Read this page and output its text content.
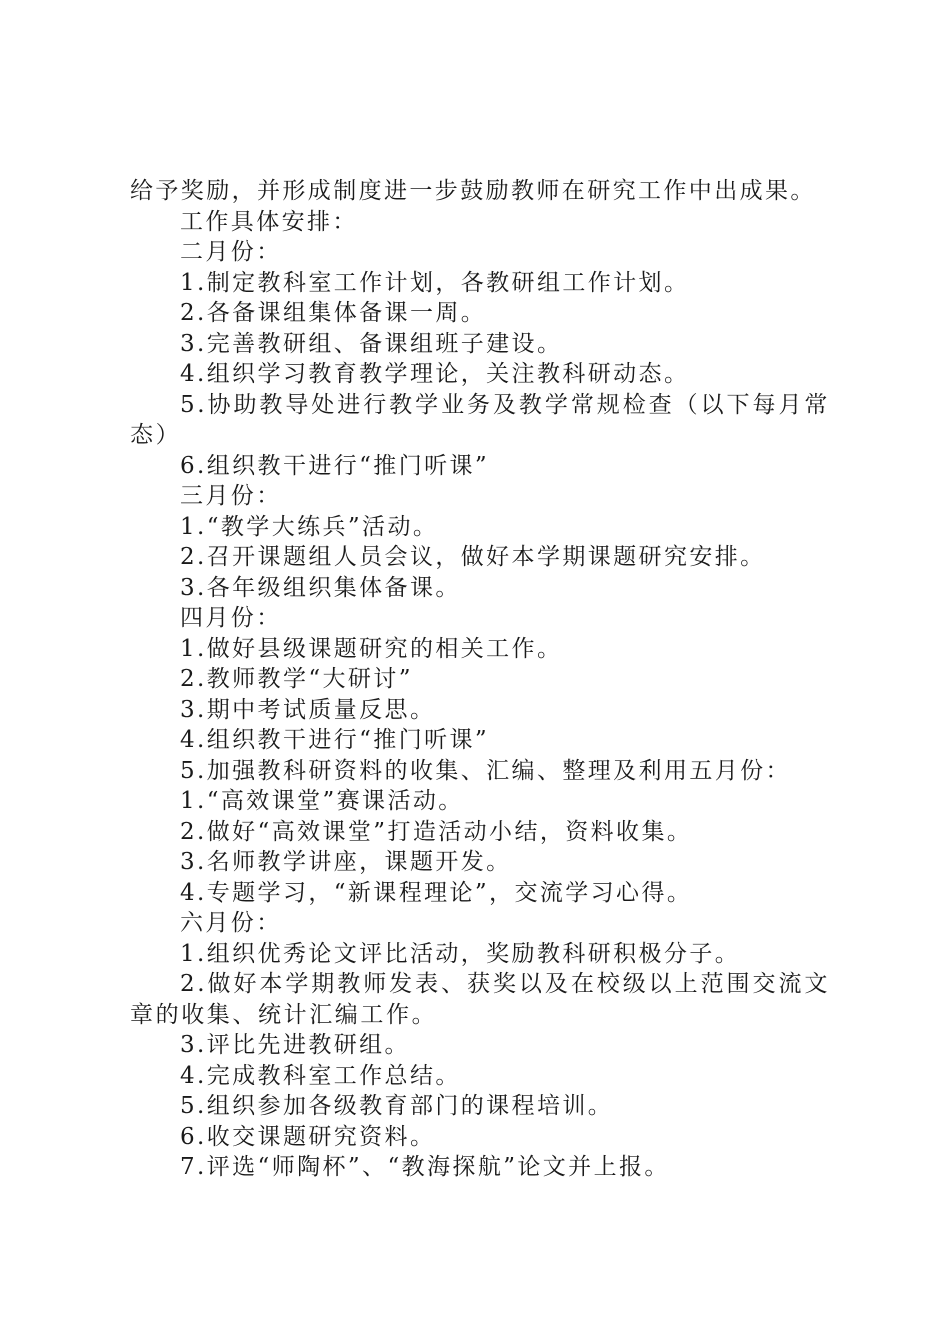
给予奖励，并形成制度进一步鼓励教师在研究工作中出成果。

工作具体安排：

二月份：

1.制定教科室工作计划，各教研组工作计划。

2.各备课组集体备课一周。

3.完善教研组、备课组班子建设。

4.组织学习教育教学理论，关注教科研动态。

5.协助教导处进行教学业务及教学常规检查（以下每月常态）

6.组织教干进行“推门听课”

三月份：

1.“教学大练兵”活动。

2.召开课题组人员会议，做好本学期课题研究安排。

3.各年级组织集体备课。

四月份：

1.做好县级课题研究的相关工作。

2.教师教学“大研讨”

3.期中考试质量反思。

4.组织教干进行“推门听课”

5.加强教科研资料的收集、汇编、整理及利用五月份：

1.“高效课堂”赛课活动。

2.做好“高效课堂”打造活动小结，资料收集。

3.名师教学讲座，课题开发。

4.专题学习，“新课程理论”，交流学习心得。

六月份：

1.组织优秀论文评比活动，奖励教科研积极分子。

2.做好本学期教师发表、获奖以及在校级以上范围交流文章的收集、统计汇编工作。

3.评比先进教研组。

4.完成教科室工作总结。

5.组织参加各级教育部门的课程培训。

6.收交课题研究资料。

7.评选“师陶杯”、“教海探航”论文并上报。
